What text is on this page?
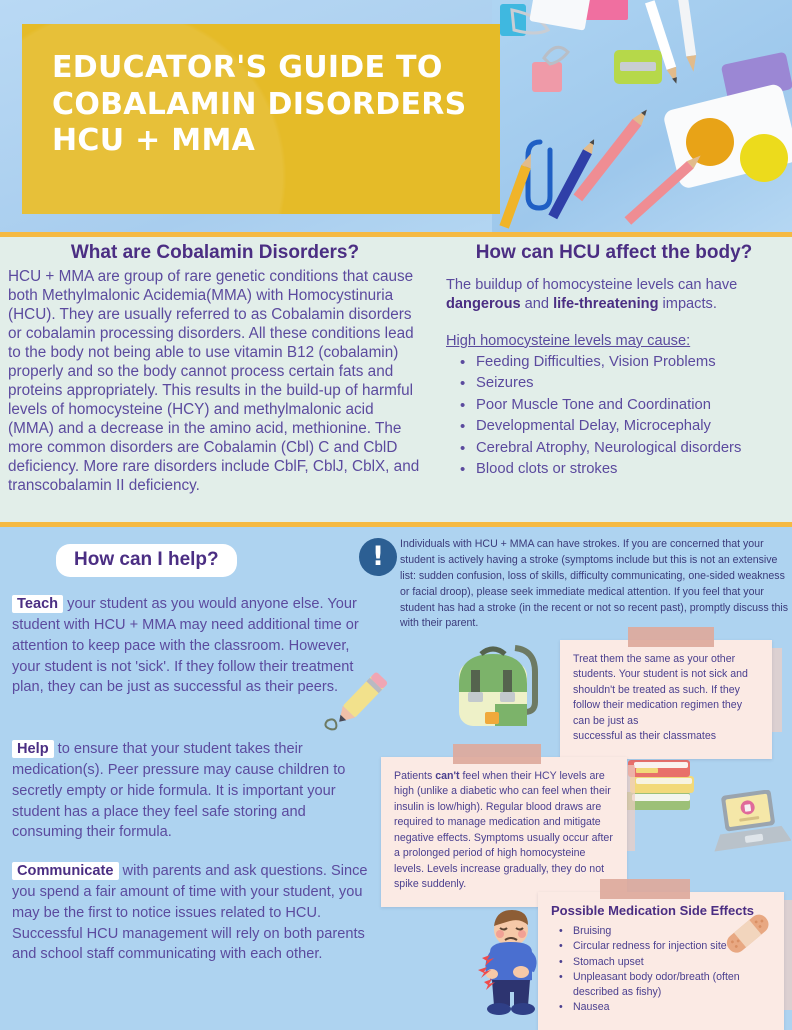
EDUCATOR'S GUIDE TO
COBALAMIN DISORDERS
HCU + MMA
What are Cobalamin Disorders?
HCU + MMA are group of rare genetic conditions that cause both Methylmalonic Acidemia(MMA) with Homocystinuria (HCU). They are usually referred to as Cobalamin disorders or cobalamin processing disorders. All these conditions lead to the body not being able to use vitamin B12 (cobalamin) properly and so the body cannot process certain fats and proteins appropriately. This results in the build-up of harmful levels of homocysteine (HCY) and methylmalonic acid (MMA) and a decrease in the amino acid, methionine. The more common disorders are Cobalamin (Cbl) C and CblD deficiency. More rare disorders include CblF, CblJ, CblX, and transcobalamin II deficiency.
How can HCU affect the body?
The buildup of homocysteine levels can have dangerous and life-threatening impacts.
High homocysteine levels may cause:
• Feeding Difficulties, Vision Problems
• Seizures
• Poor Muscle Tone and Coordination
• Developmental Delay, Microcephaly
• Cerebral Atrophy, Neurological disorders
• Blood clots or strokes
How can I help?
Teach your student as you would anyone else. Your student with HCU + MMA may need additional time or attention to keep pace with the classroom. However, your student is not 'sick'. If they follow their treatment plan, they can be just as successful as their peers.
Help to ensure that your student takes their medication(s). Peer pressure may cause children to secretly empty or hide formula. It is important your student has a place they feel safe storing and consuming their formula.
Communicate with parents and ask questions. Since you spend a fair amount of time with your student, you may be the first to notice issues related to HCU. Successful HCU management will rely on both parents and school staff communicating with each other.
! Individuals with HCU + MMA can have strokes. If you are concerned that your student is actively having a stroke (symptoms include but this is not an extensive list: sudden confusion, loss of skills, difficulty communicating, one-sided weakness or facial droop), please seek immediate medical attention. If you feel that your student has had a stroke (in the recent or not so recent past), promptly discuss this with their parent.
Treat them the same as your other students. Your student is not sick and shouldn't be treated as such. If they follow their medication regimen they can be just as
successful as their classmates
Patients can't feel when their HCY levels are high (unlike a diabetic who can feel when their insulin is low/high). Regular blood draws are required to manage medication and mitigate negative effects. Symptoms usually occur after a prolonged period of high homocysteine levels. Levels increase gradually, they do not spike suddenly.
Possible Medication Side Effects
• Bruising
• Circular redness for injection site
• Stomach upset
• Unpleasant body odor/breath (often
described as fishy)
• Nausea
